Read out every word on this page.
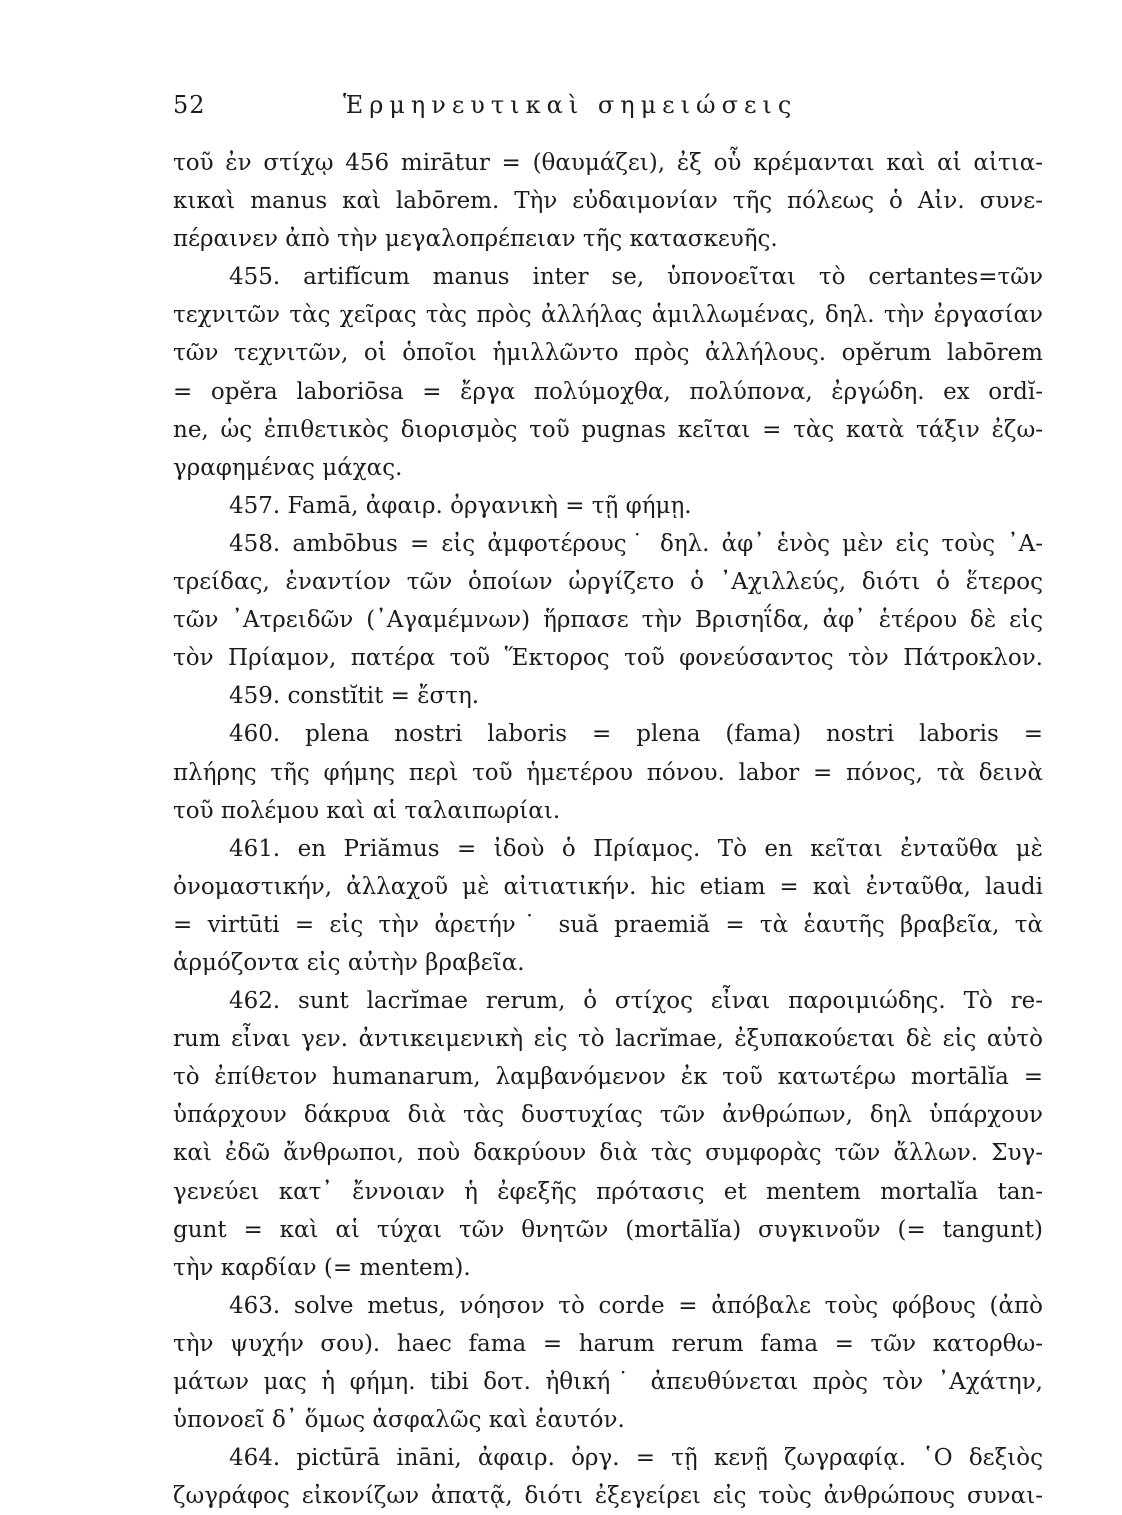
52	Ἑρμηνευτικαὶ σημειώσεις
τοῦ ἐν στίχῳ 456 mirātur = (θαυμάζει), ἐξ οὗ κρέμανται καὶ αἱ αἰτια-
κικαὶ manus καὶ labōrem. Τὴν εὐδαιμονίαν τῆς πόλεως ὁ Αἰν. συνε-
πέραινεν ἀπὸ τὴν μεγαλοπρέπειαν τῆς κατασκευῆς.
455. artifĭcum manus inter se, ὑπονοεῖται τὸ certantes=τῶν
τεχνιτῶν τὰς χεῖρας τὰς πρὸς ἀλλήλας ἁμιλλωμένας, δηλ. τὴν ἐργασίαν
τῶν τεχνιτῶν, οἱ ὁποῖοι ἡμιλλῶντο πρὸς ἀλλήλους. opĕrum labōrem
= opĕra laboriōsa = ἔργα πολύμοχθα, πολύπονα, ἐργώδη. ex ordĭ-
ne, ὡς ἐπιθετικὸς διορισμὸς τοῦ pugnas κεῖται = τὰς κατὰ τάξιν ἐζω-
γραφημένας μάχας.
457. Famā, ἀφαιρ. ὀργανικὴ = τῇ φήμῃ.
458. ambōbus = εἰς ἀμφοτέρους˙ δηλ. ἀφ᾽ ἑνὸς μὲν εἰς τοὺς ᾿Α-
τρείδας, ἐναντίον τῶν ὁποίων ὠργίζετο ὁ ᾿Αχιλλεύς, διότι ὁ ἕτερος
τῶν ᾿Ατρειδῶν (᾿Αγαμέμνων) ἥρπασε τὴν Βρισηΐδα, ἀφ᾽ ἑτέρου δὲ εἰς
τὸν Πρίαμον, πατέρα τοῦ Ἕκτορος τοῦ φονεύσαντος τὸν Πάτροκλον.
459. constĭtit = ἔστη.
460. plena nostri laboris = plena (fama) nostri laboris =
πλήρης τῆς φήμης περὶ τοῦ ἡμετέρου πόνου. labor = πόνος, τὰ δεινὰ
τοῦ πολέμου καὶ αἱ ταλαιπωρίαι.
461. en Priămus = ἰδοὺ ὁ Πρίαμος. Τὸ en κεῖται ἐνταῦθα μὲ
ὀνομαστικήν, ἀλλαχοῦ μὲ αἰτιατικήν. hic etiam = καὶ ἐνταῦθα, laudi
= virtūti = εἰς τὴν ἀρετήν˙ suă praemiă = τὰ ἑαυτῆς βραβεῖα, τὰ
ἁρμόζοντα εἰς αὐτὴν βραβεῖα.
462. sunt lacrĭmae rerum, ὁ στίχος εἶναι παροιμιώδης. Τὸ re-
rum εἶναι γεν. ἀντικειμενικὴ εἰς τὸ lacrĭmae, ἐξυπακούεται δὲ εἰς αὐτὸ
τὸ ἐπίθετον humanarum, λαμβανόμενον ἐκ τοῦ κατωτέρω mortālĭa =
ὑπάρχουν δάκρυα διὰ τὰς δυστυχίας τῶν ἀνθρώπων, δηλ ὑπάρχουν
καὶ ἐδῶ ἄνθρωποι, ποὺ δακρύουν διὰ τὰς συμφορὰς τῶν ἄλλων. Συγ-
γενεύει κατ᾽ ἔννοιαν ἡ ἐφεξῆς πρότασις et mentem mortalĭa tan-
gunt = καὶ αἱ τύχαι τῶν θνητῶν (mortālĭa) συγκινοῦν (= tangunt)
τὴν καρδίαν (= mentem).
463. solve metus, νόησον τὸ corde = ἀπόβαλε τοὺς φόβους (ἀπὸ
τὴν ψυχήν σου). haec fama = harum rerum fama = τῶν κατορθω-
μάτων μας ἡ φήμη. tibi δοτ. ἠθική˙ ἀπευθύνεται πρὸς τὸν ᾿Αχάτην,
ὑπονοεῖ δ᾽ ὅμως ἀσφαλῶς καὶ ἑαυτόν.
464. pictūrā ināni, ἀφαιρ. ὀργ. = τῇ κενῇ ζωγραφίᾳ. ῾Ο δεξιὸς
ζωγράφος εἰκονίζων ἀπατᾷ, διότι ἐξεγείρει εἰς τοὺς ἀνθρώπους συναι-
